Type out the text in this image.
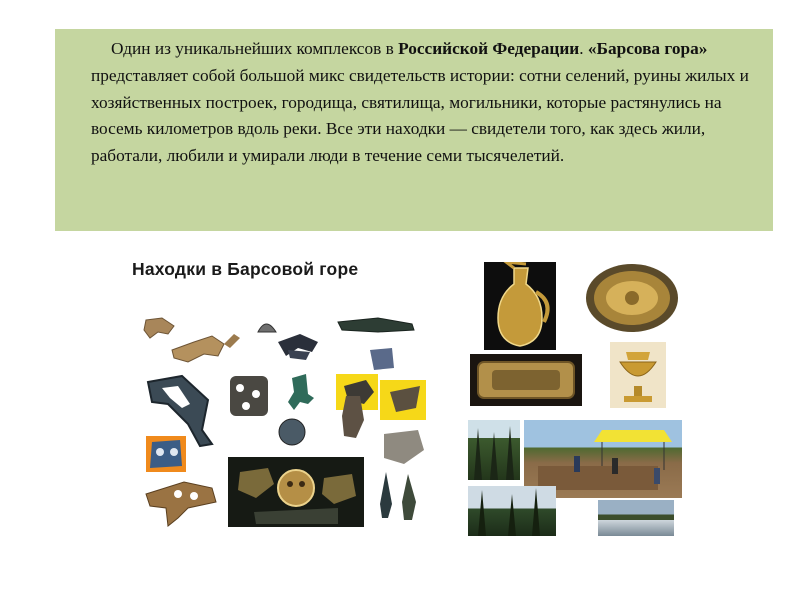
Один из уникальнейших комплексов в Российской Федерации. «Барсова гора» представляет собой большой микс свидетельств истории: сотни селений, руины жилых и хозяйственных построек, городища, святилища, могильники, которые растянулись на восемь километров вдоль реки. Все эти находки — свидетели того, как здесь жили, работали, любили и умирали люди в течение семи тысячелетий.

Находки в Барсовой горе
